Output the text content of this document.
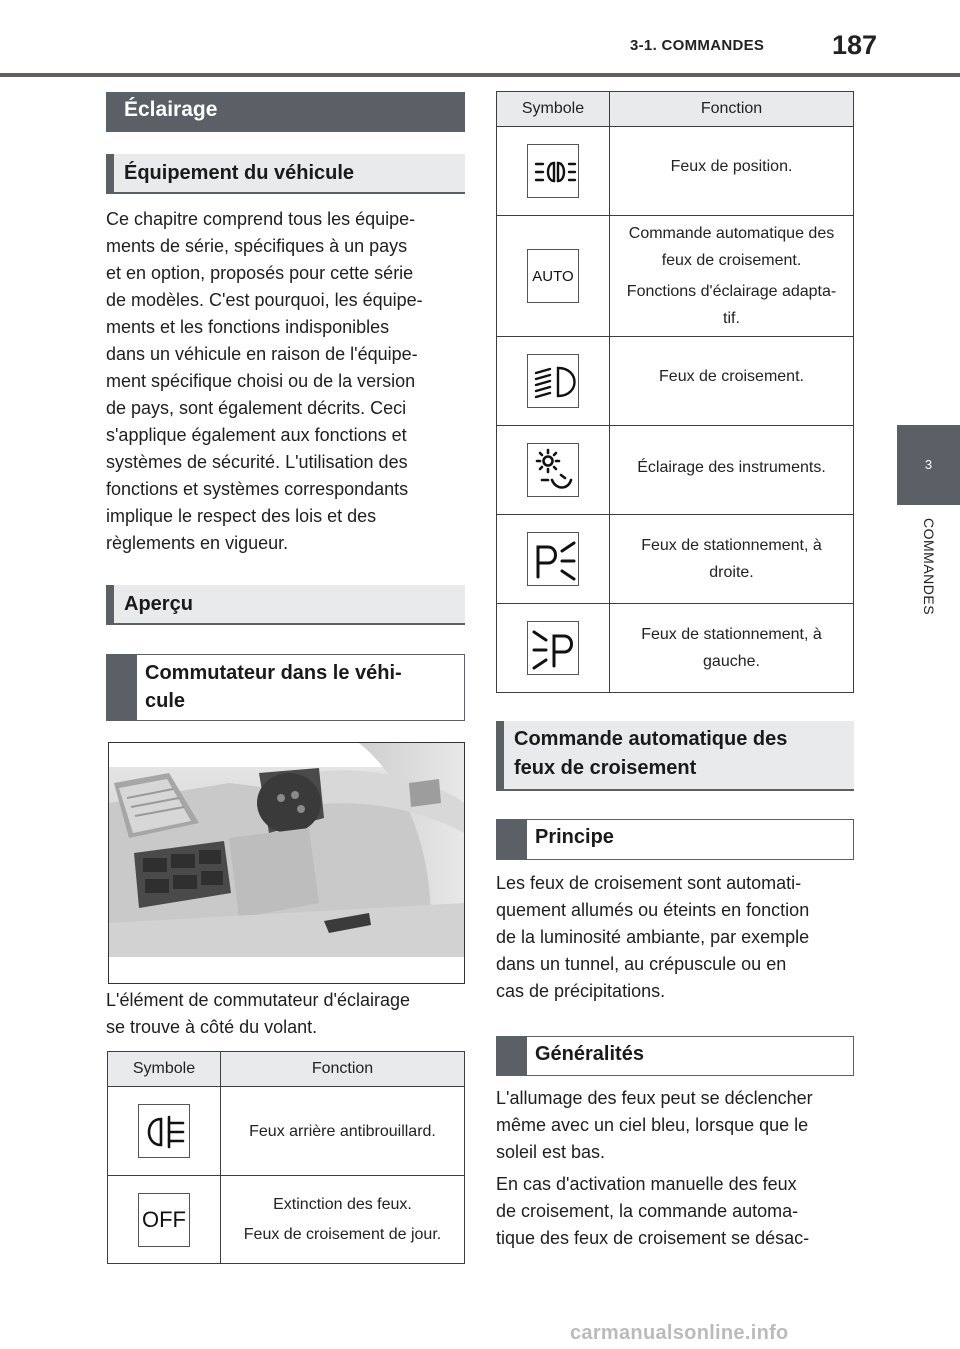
3-1. COMMANDES	187
3
COMMANDES
Éclairage
Équipement du véhicule
Ce chapitre comprend tous les équipe-
ments de série, spécifiques à un pays
et en option, proposés pour cette série
de modèles. C'est pourquoi, les équipe-
ments et les fonctions indisponibles
dans un véhicule en raison de l'équipe-
ment spécifique choisi ou de la version
de pays, sont également décrits. Ceci
s'applique également aux fonctions et
systèmes de sécurité. L'utilisation des
fonctions et systèmes correspondants
implique le respect des lois et des
règlements en vigueur.
Aperçu
Commutateur dans le véhi-
cule
L'élément de commutateur d'éclairage
se trouve à côté du volant.
Symbole	Fonction

Feux arrière antibrouillard.

OFF	Extinction des feux.
Feux de croisement de jour.
Symbole	Fonction

Feux de position.

AUTO	Commande automatique des
feux de croisement.
Fonctions d'éclairage adapta-
tif.

Feux de croisement.

Éclairage des instruments.

Feux de stationnement, à
droite.

Feux de stationnement, à
gauche.
Commande automatique des
feux de croisement
Principe
Les feux de croisement sont automati-
quement allumés ou éteints en fonction
de la luminosité ambiante, par exemple
dans un tunnel, au crépuscule ou en
cas de précipitations.
Généralités
L'allumage des feux peut se déclencher
même avec un ciel bleu, lorsque que le
soleil est bas.
En cas d'activation manuelle des feux
de croisement, la commande automa-
tique des feux de croisement se désac-
carmanualsonline.info
